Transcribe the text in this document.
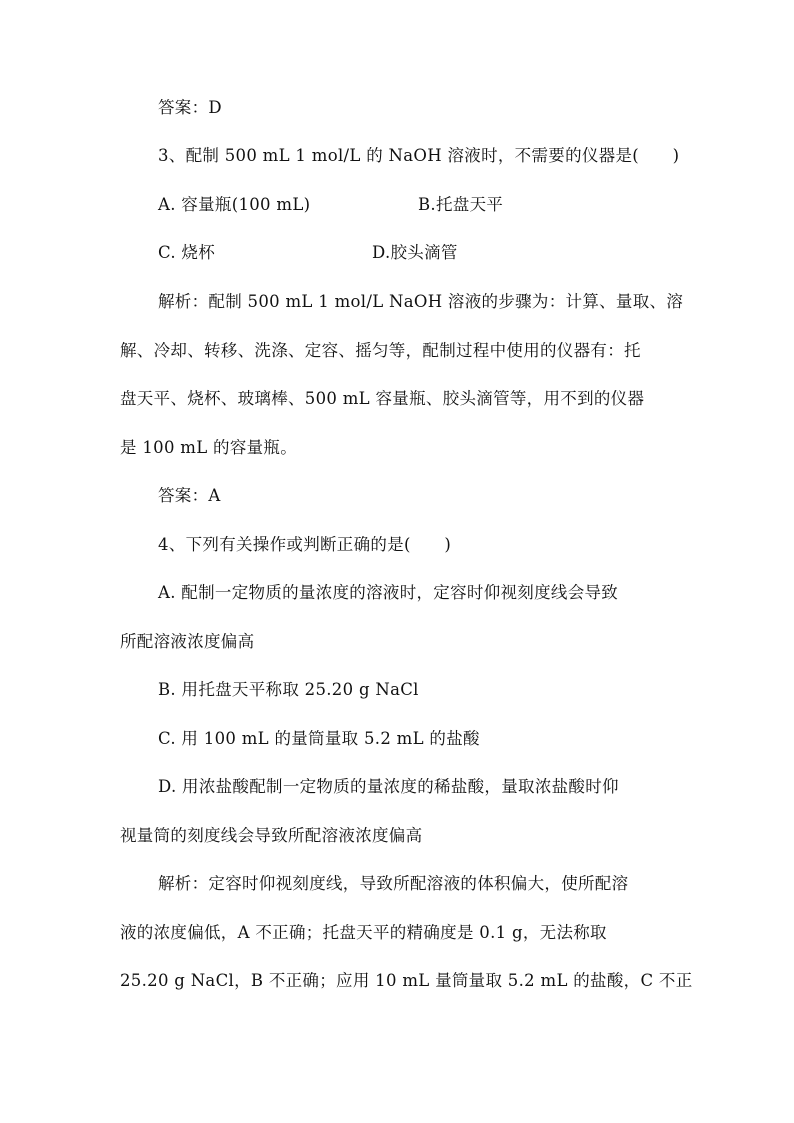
答案：D
3、配制 500 mL 1 mol/L 的 NaOH 溶液时，不需要的仪器是(　　)
A. 容量瓶(100 mL)	B.托盘天平
C. 烧杯	D.胶头滴管
解析：配制 500 mL 1 mol/L NaOH 溶液的步骤为：计算、量取、溶
解、冷却、转移、洗涤、定容、摇匀等，配制过程中使用的仪器有：托
盘天平、烧杯、玻璃棒、500 mL 容量瓶、胶头滴管等，用不到的仪器
是 100 mL 的容量瓶。
答案：A
4、下列有关操作或判断正确的是(　　)
A. 配制一定物质的量浓度的溶液时，定容时仰视刻度线会导致
所配溶液浓度偏高
B. 用托盘天平称取 25.20 g NaCl
C. 用 100 mL 的量筒量取 5.2 mL 的盐酸
D. 用浓盐酸配制一定物质的量浓度的稀盐酸，量取浓盐酸时仰
视量筒的刻度线会导致所配溶液浓度偏高
解析：定容时仰视刻度线，导致所配溶液的体积偏大，使所配溶
液的浓度偏低，A 不正确；托盘天平的精确度是 0.1 g，无法称取
25.20 g NaCl，B 不正确；应用 10 mL 量筒量取 5.2 mL 的盐酸，C 不正
